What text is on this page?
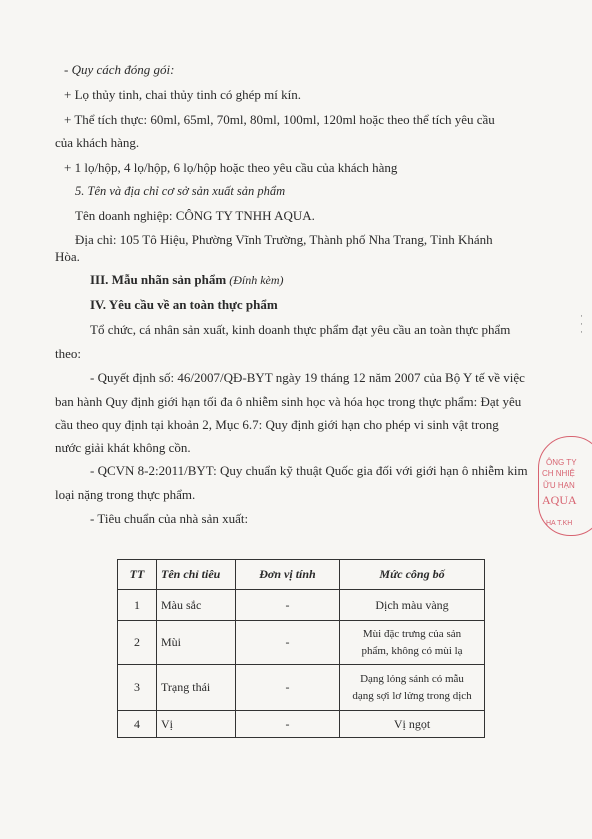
- Quy cách đóng gói:
+ Lọ thủy tinh, chai thủy tinh có ghép mí kín.
+ Thể tích thực: 60ml, 65ml, 70ml, 80ml, 100ml, 120ml hoặc theo thể tích yêu cầu
của khách hàng.
+ 1 lọ/hộp, 4 lọ/hộp, 6 lọ/hộp hoặc theo yêu cầu của khách hàng
5. Tên và địa chỉ cơ sở sản xuất sản phẩm
Tên doanh nghiệp: CÔNG TY TNHH AQUA.
Địa chỉ: 105 Tô Hiệu, Phường Vĩnh Trường, Thành phố Nha Trang, Tỉnh Khánh
Hòa.
III. Mẫu nhãn sản phẩm (Đính kèm)
IV. Yêu cầu về an toàn thực phẩm
Tổ chức, cá nhân sản xuất, kinh doanh thực phẩm đạt yêu cầu an toàn thực phẩm
theo:
- Quyết định số: 46/2007/QĐ-BYT ngày 19 tháng 12 năm 2007 của Bộ Y tế về việc
ban hành Quy định giới hạn tối đa ô nhiễm sinh học và hóa học trong thực phẩm: Đạt yêu
cầu theo quy định tại khoản 2, Mục 6.7: Quy định giới hạn cho phép vi sinh vật trong
nước giải khát không cồn.
- QCVN 8-2:2011/BYT: Quy chuẩn kỹ thuật Quốc gia đối với giới hạn ô nhiễm kim
loại nặng trong thực phẩm.
- Tiêu chuẩn của nhà sản xuất:
TT	Tên chỉ tiêu	Đơn vị tính	Mức công bố
1	Màu sắc	-	Dịch màu vàng
2	Mùi	-	Mùi đặc trưng của sản
phẩm, không có mùi lạ

3	Trạng thái	-	Dạng lỏng sánh có mẫu
dạng sợi lơ lửng trong dịch

4	Vị	-	Vị ngọt
ÔNG TY
CH NHIỆ
ỮU HẠN
AQUA
HA T.KH
·
·
·
